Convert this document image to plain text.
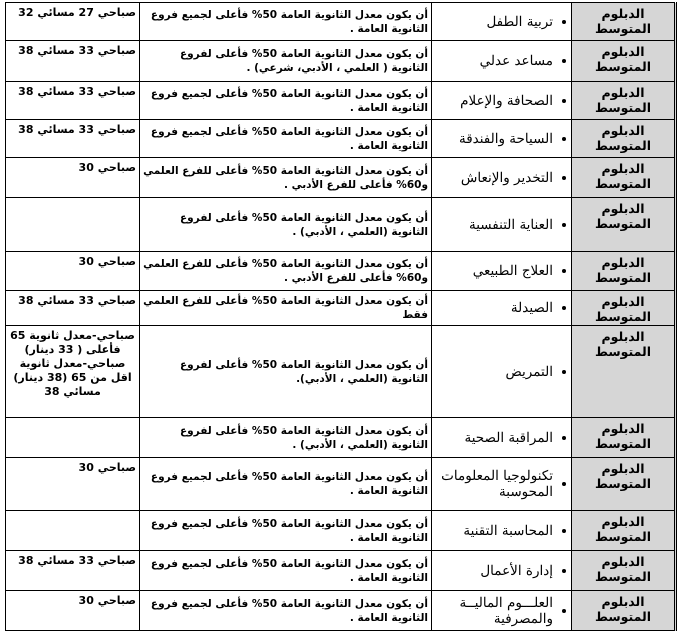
الدبلوم المتوسط	تربية الطفل	أن يكون معدل الثانوية العامة 50% فأعلى لجميع فروع الثانوية العامة .	صباحي 27 مسائي 32
الدبلوم المتوسط	مساعد عدلي	أن يكون معدل الثانوية العامة 50% فأعلى لفروع الثانوية ( العلمي ، الأدبي، شرعي) .	صباحي 33 مسائي 38
الدبلوم المتوسط	الصحافة والإعلام	أن يكون معدل الثانوية العامة 50% فأعلى لجميع فروع الثانوية العامة .	صباحي 33 مسائي 38
الدبلوم المتوسط	السياحة والفندقة	أن يكون معدل الثانوية العامة 50% فأعلى لجميع فروع الثانوية العامة .	صباحي 33 مسائي 38
الدبلوم المتوسط	التخدير والإنعاش	أن يكون معدل الثانوية العامة 50% فأعلى للفرع العلمي و60% فأعلى للفرع الأدبي .	صباحي 30
الدبلوم المتوسط	العناية التنفسية	أن يكون معدل الثانوية العامة 50% فأعلى لفروع الثانوية (العلمي ، الأدبي) .	
الدبلوم المتوسط	العلاج الطبيعي	أن يكون معدل الثانوية العامة 50% فأعلى للفرع العلمي و60% فأعلى للفرع الأدبي .	صباحي 30
الدبلوم المتوسط	الصيدلة	أن يكون معدل الثانوية العامة 50% فأعلى للفرع العلمي فقط	صباحي 33 مسائي 38
الدبلوم المتوسط	التمريض	أن يكون معدل الثانوية العامة 50% فأعلى لفروع الثانوية (العلمي ، الأدبي).	صباحي-معدل ثانوية 65 فأعلى ( 33 دينار) صباحي-معدل ثانوية اقل من 65 (38 دينار) مسائي 38
الدبلوم المتوسط	المراقبة الصحية	أن يكون معدل الثانوية العامة 50% فأعلى لفروع الثانوية (العلمي ، الأدبي) .	
الدبلوم المتوسط	تكنولوجيا المعلومات المحوسبة	أن يكون معدل الثانوية العامة 50% فأعلى لجميع فروع الثانوية العامة .	صباحي 30
الدبلوم المتوسط	المحاسبة التقنية	أن يكون معدل الثانوية العامة 50% فأعلى لجميع فروع الثانوية العامة .	
الدبلوم المتوسط	إدارة الأعمال	أن يكون معدل الثانوية العامة 50% فأعلى لجميع فروع الثانوية العامة .	صباحي 33 مسائي 38
الدبلوم المتوسط	العلـــوم الماليــة والمصرفية	أن يكون معدل الثانوية العامة 50% فأعلى لجميع فروع الثانوية العامة .	صباحي 30
